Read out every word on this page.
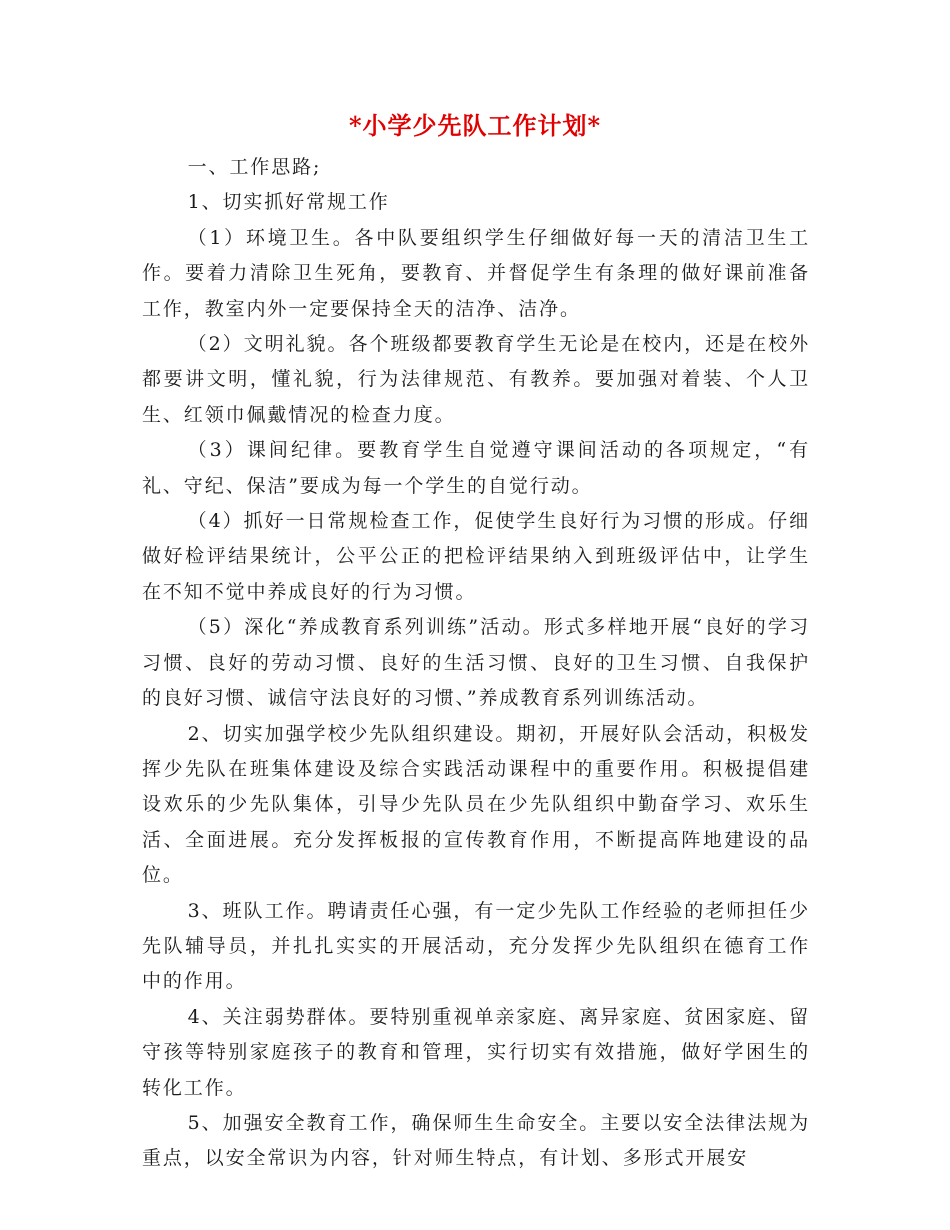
*小学少先队工作计划*

一、工作思路;

1、切实抓好常规工作

（1）环境卫生。各中队要组织学生仔细做好每一天的清洁卫生工作。要着力清除卫生死角，要教育、并督促学生有条理的做好课前准备工作，教室内外一定要保持全天的洁净、洁净。

（2）文明礼貌。各个班级都要教育学生无论是在校内，还是在校外都要讲文明，懂礼貌，行为法律规范、有教养。要加强对着装、个人卫生、红领巾佩戴情况的检查力度。

（3）课间纪律。要教育学生自觉遵守课间活动的各项规定，“有礼、守纪、保洁”要成为每一个学生的自觉行动。

（4）抓好一日常规检查工作，促使学生良好行为习惯的形成。仔细做好检评结果统计，公平公正的把检评结果纳入到班级评估中，让学生在不知不觉中养成良好的行为习惯。

（5）深化“养成教育系列训练”活动。形式多样地开展“良好的学习习惯、良好的劳动习惯、良好的生活习惯、良好的卫生习惯、自我保护的良好习惯、诚信守法良好的习惯、”养成教育系列训练活动。

2、切实加强学校少先队组织建设。期初，开展好队会活动，积极发挥少先队在班集体建设及综合实践活动课程中的重要作用。积极提倡建设欢乐的少先队集体，引导少先队员在少先队组织中勤奋学习、欢乐生活、全面进展。充分发挥板报的宣传教育作用，不断提高阵地建设的品位。

3、班队工作。聘请责任心强，有一定少先队工作经验的老师担任少先队辅导员，并扎扎实实的开展活动，充分发挥少先队组织在德育工作中的作用。

4、关注弱势群体。要特别重视单亲家庭、离异家庭、贫困家庭、留守孩等特别家庭孩子的教育和管理，实行切实有效措施，做好学困生的转化工作。

5、加强安全教育工作，确保师生生命安全。主要以安全法律法规为重点，以安全常识为内容，针对师生特点，有计划、多形式开展安
